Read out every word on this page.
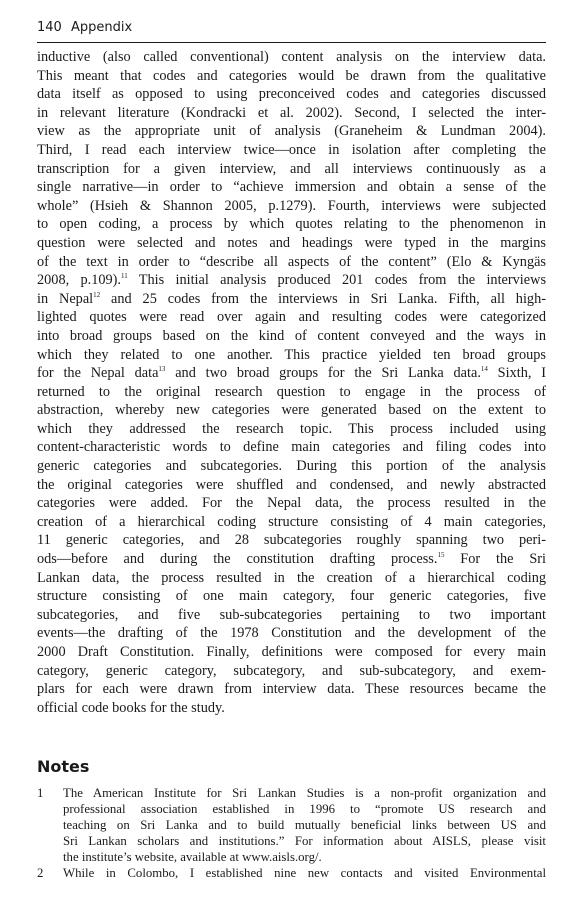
140 Appendix
inductive (also called conventional) content analysis on the interview data.
This meant that codes and categories would be drawn from the qualitative
data itself as opposed to using preconceived codes and categories discussed
in relevant literature (Kondracki et al. 2002). Second, I selected the inter-
view as the appropriate unit of analysis (Graneheim & Lundman 2004).
Third, I read each interview twice—once in isolation after completing the
transcription for a given interview, and all interviews continuously as a
single narrative—in order to “achieve immersion and obtain a sense of the
whole” (Hsieh & Shannon 2005, p.1279). Fourth, interviews were subjected
to open coding, a process by which quotes relating to the phenomenon in
question were selected and notes and headings were typed in the margins
of the text in order to “describe all aspects of the content” (Elo & Kyngäs
2008, p.109).$^{11}$ This initial analysis produced 201 codes from the interviews
in Nepal$^{12}$ and 25 codes from the interviews in Sri Lanka. Fifth, all high-
lighted quotes were read over again and resulting codes were categorized
into broad groups based on the kind of content conveyed and the ways in
which they related to one another. This practice yielded ten broad groups
for the Nepal data$^{13}$ and two broad groups for the Sri Lanka data.$^{14}$ Sixth, I
returned to the original research question to engage in the process of
abstraction, whereby new categories were generated based on the extent to
which they addressed the research topic. This process included using
content-characteristic words to define main categories and filing codes into
generic categories and subcategories. During this portion of the analysis
the original categories were shuffled and condensed, and newly abstracted
categories were added. For the Nepal data, the process resulted in the
creation of a hierarchical coding structure consisting of 4 main categories,
11 generic categories, and 28 subcategories roughly spanning two peri-
ods—before and during the constitution drafting process.$^{15}$ For the Sri
Lankan data, the process resulted in the creation of a hierarchical coding
structure consisting of one main category, four generic categories, five
subcategories, and five sub-subcategories pertaining to two important
events—the drafting of the 1978 Constitution and the development of the
2000 Draft Constitution. Finally, definitions were composed for every main
category, generic category, subcategory, and sub-subcategory, and exem-
plars for each were drawn from interview data. These resources became the
official code books for the study.
Notes
1 The American Institute for Sri Lankan Studies is a non-profit organization and
professional association established in 1996 to “promote US research and
teaching on Sri Lanka and to build mutually beneficial links between US and
Sri Lankan scholars and institutions.” For information about AISLS, please visit
the institute’s website, available at www.aisls.org/.
2 While in Colombo, I established nine new contacts and visited Environmental
